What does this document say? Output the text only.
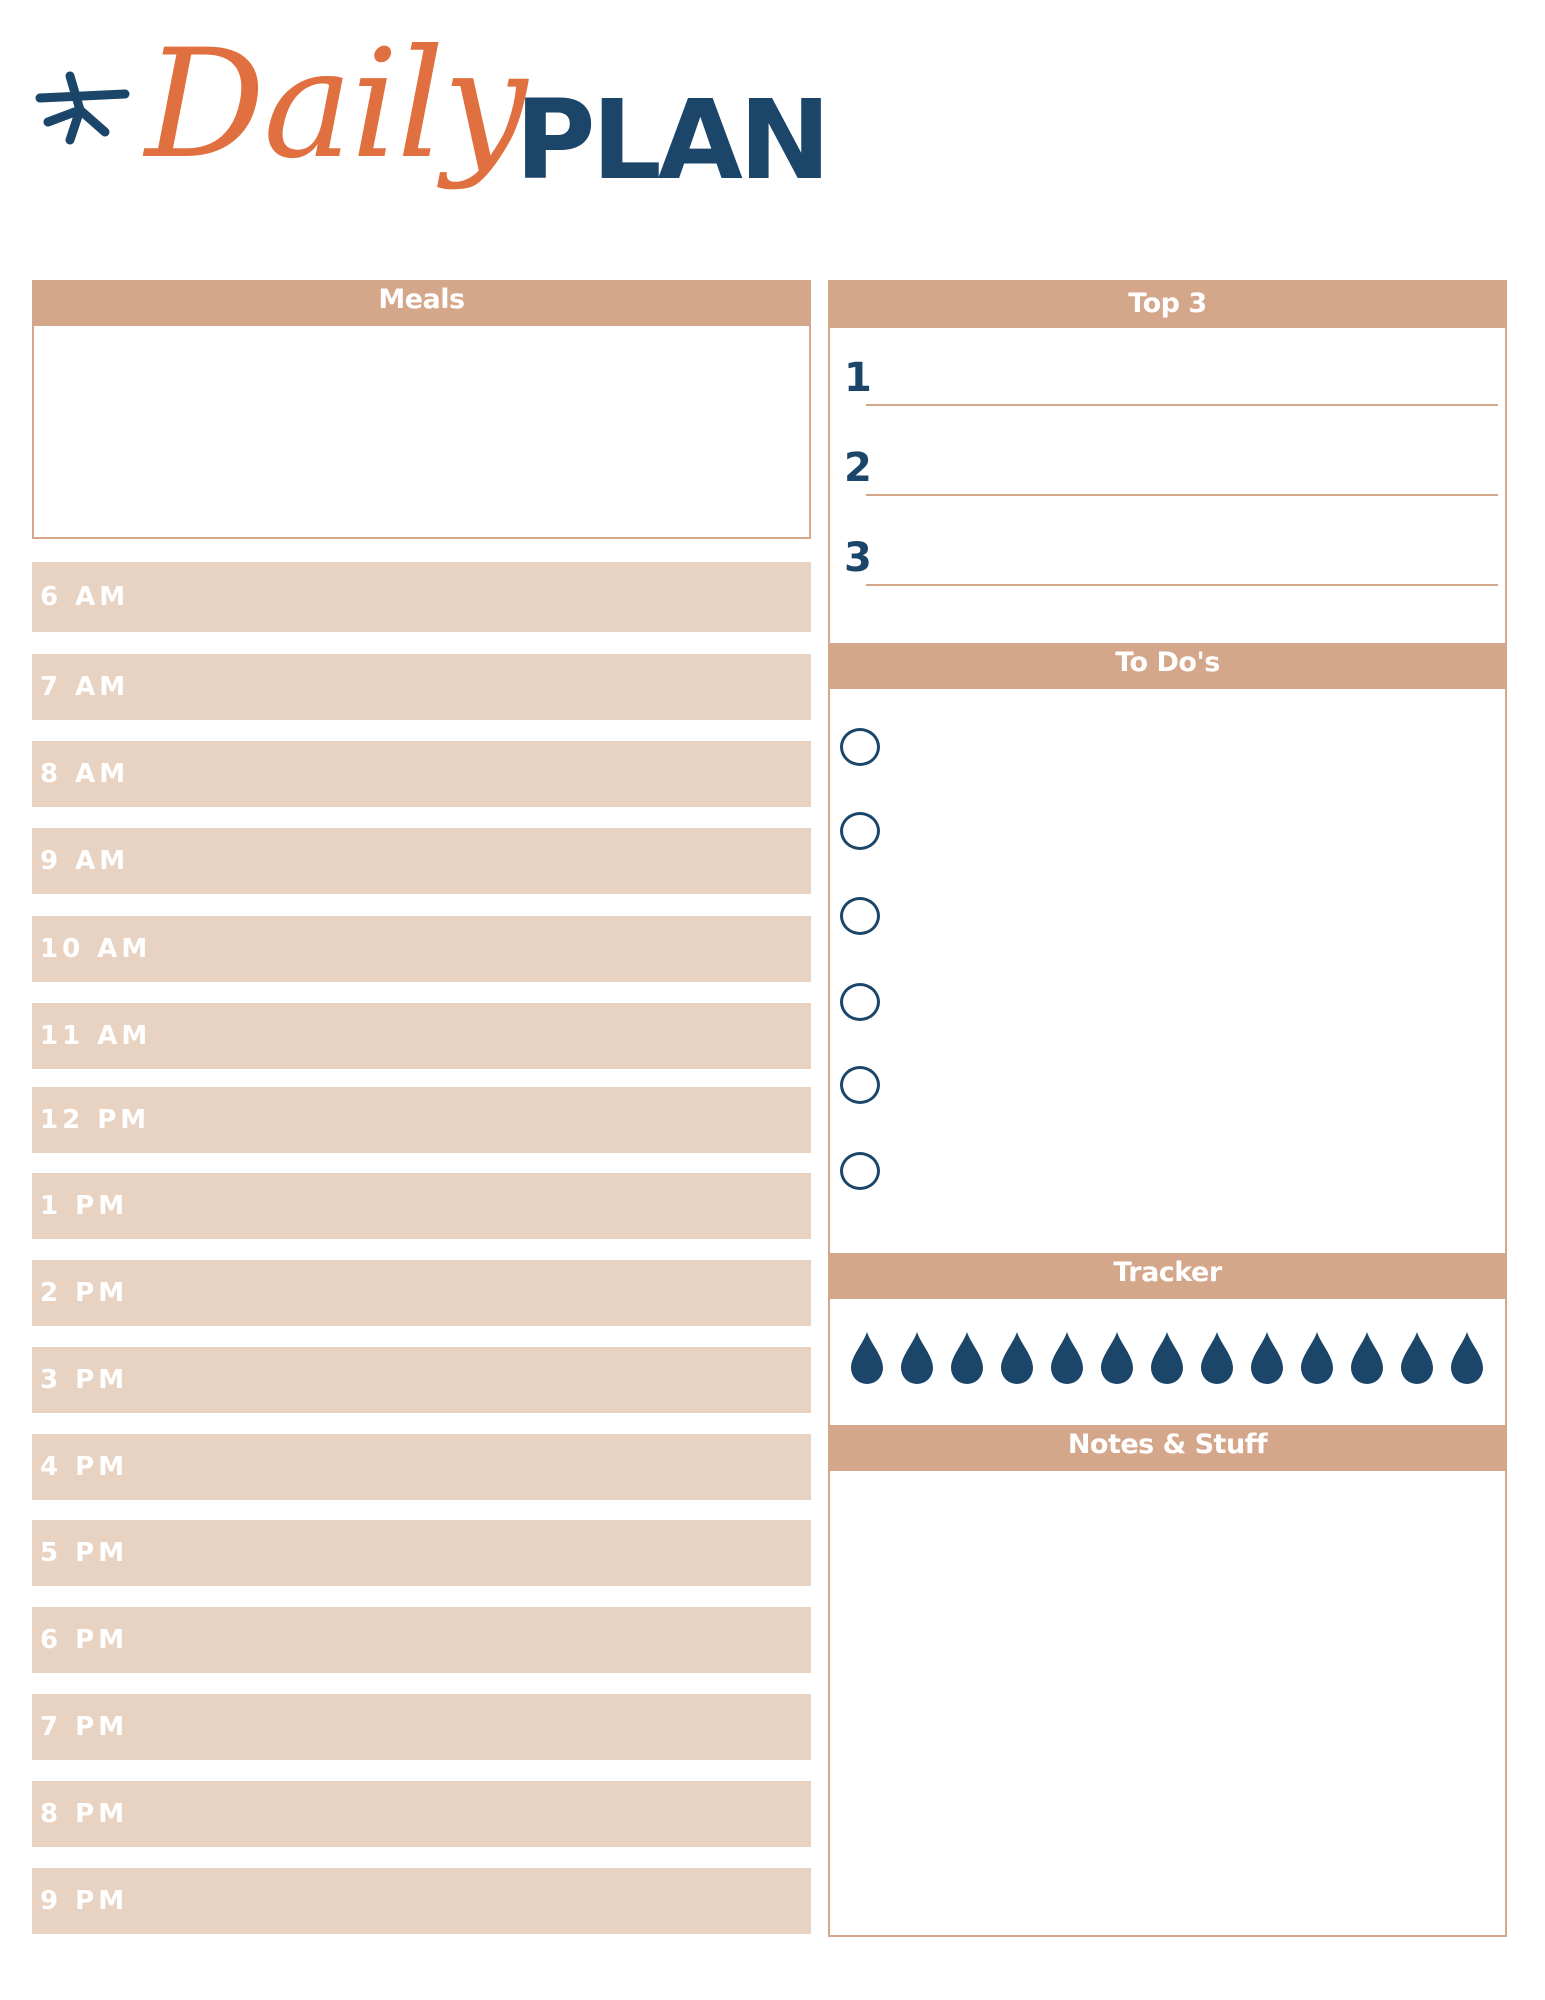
Daily
PLAN
Meals
6 AM
7 AM
8 AM
9 AM
10 AM
11 AM
12 PM
1 PM
2 PM
3 PM
4 PM
5 PM
6 PM
7 PM
8 PM
9 PM
Top 3
1
2
3
To Do's
Tracker
Notes & Stuff
